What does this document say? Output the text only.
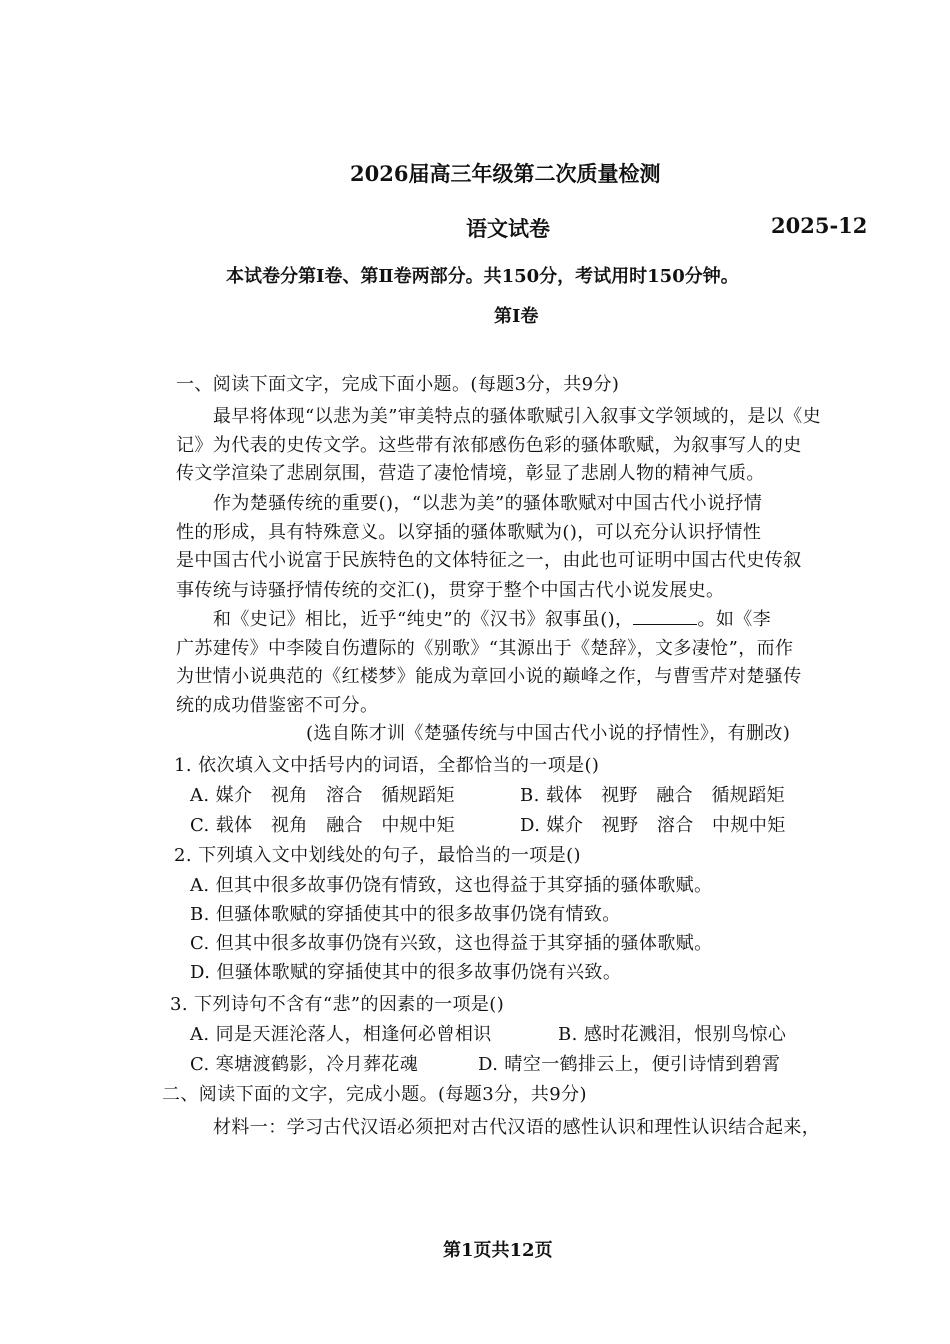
2026届高三年级第二次质量检测
语文试卷	2025-12
本试卷分第Ⅰ卷、第Ⅱ卷两部分。共150分，考试用时150分钟。
第Ⅰ卷
一、阅读下面文字，完成下面小题。(每题3分，共9分)
最早将体现“以悲为美”审美特点的骚体歌赋引入叙事文学领域的，是以《史
记》为代表的史传文学。这些带有浓郁感伤色彩的骚体歌赋，为叙事写人的史
传文学渲染了悲剧氛围，营造了凄怆情境，彰显了悲剧人物的精神气质。
作为楚骚传统的重要()，“以悲为美”的骚体歌赋对中国古代小说抒情
性的形成，具有特殊意义。以穿插的骚体歌赋为()，可以充分认识抒情性
是中国古代小说富于民族特色的文体特征之一，由此也可证明中国古代史传叙
事传统与诗骚抒情传统的交汇()，贯穿于整个中国古代小说发展史。
和《史记》相比，近乎“纯史”的《汉书》叙事虽()，	。如《李
广苏建传》中李陵自伤遭际的《别歌》“其源出于《楚辞》，文多凄怆”，而作
为世情小说典范的《红楼梦》能成为章回小说的巅峰之作，与曹雪芹对楚骚传
统的成功借鉴密不可分。
(选自陈才训《楚骚传统与中国古代小说的抒情性》，有删改)
1. 依次填入文中括号内的词语，全都恰当的一项是()
A. 媒介　视角　溶合　循规蹈矩	B. 载体　视野　融合　循规蹈矩
C. 载体　视角　融合　中规中矩	D. 媒介　视野　溶合　中规中矩
2. 下列填入文中划线处的句子，最恰当的一项是()
A. 但其中很多故事仍饶有情致，这也得益于其穿插的骚体歌赋。
B. 但骚体歌赋的穿插使其中的很多故事仍饶有情致。
C. 但其中很多故事仍饶有兴致，这也得益于其穿插的骚体歌赋。
D. 但骚体歌赋的穿插使其中的很多故事仍饶有兴致。
3. 下列诗句不含有“悲”的因素的一项是()
A. 同是天涯沦落人，相逢何必曾相识	B. 感时花溅泪，恨别鸟惊心
C. 寒塘渡鹤影，冷月葬花魂	D. 晴空一鹤排云上，便引诗情到碧霄
二、阅读下面的文字，完成小题。(每题3分，共9分)
材料一：学习古代汉语必须把对古代汉语的感性认识和理性认识结合起来，
第1页共12页
